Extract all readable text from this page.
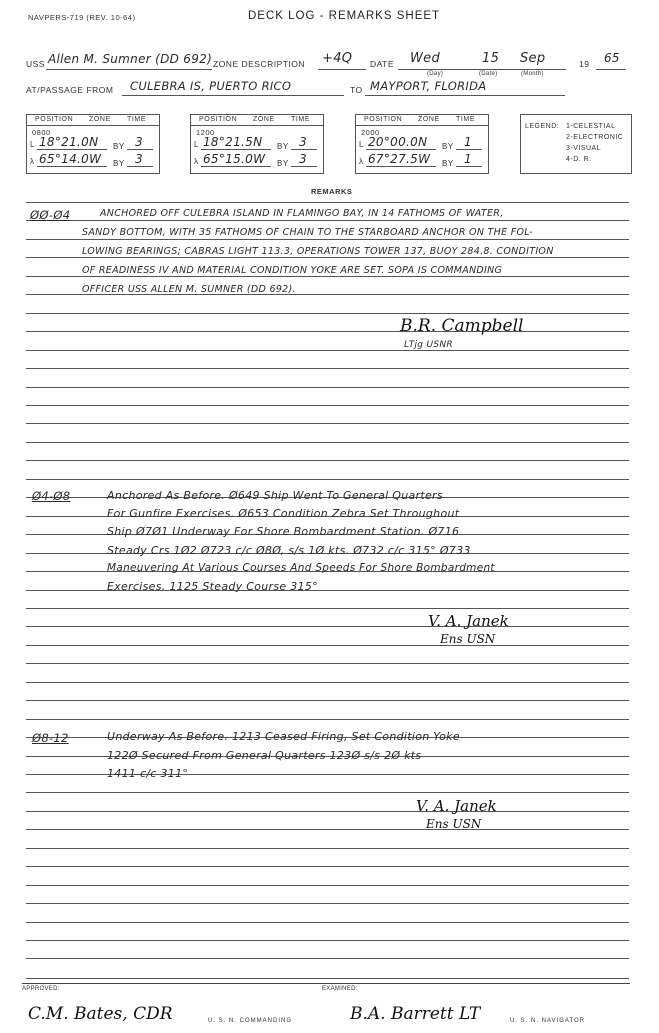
NAVPERS-719 (REV. 10-64)	DECK LOG - REMARKS SHEET
USS Allen M. Sumner (DD 692) ZONE DESCRIPTION +4Q DATE Wed	15 Sep
(Day)	(Date)	(Month)
19 65
AT/PASSAGE FROM CULEBRA IS, PUERTO RICO	TO MAYPORT, FLORIDA
POSITION ZONE TIME
0800
L 18°21.0N BY 3
λ 65°14.0W BY 3
POSITION ZONE TIME
1200
L 18°21.5N BY 3
λ 65°15.0W BY 3
POSITION ZONE TIME
2000
L 20°00.0N BY 1
λ 67°27.5W BY 1
LEGEND: 1-CELESTIAL
2-ELECTRONIC
3-VISUAL
4-D. R.
REMARKS
ØØ-Ø4	ANCHORED OFF CULEBRA ISLAND IN FLAMINGO BAY, IN 14 FATHOMS OF WATER,
SANDY BOTTOM, WITH 35 FATHOMS OF CHAIN TO THE STARBOARD ANCHOR ON THE FOL-
LOWING BEARINGS; CABRAS LIGHT 113.3, OPERATIONS TOWER 137, BUOY 284.8. CONDITION
OF READINESS IV AND MATERIAL CONDITION YOKE ARE SET. SOPA IS COMMANDING
OFFICER USS ALLEN M. SUMNER (DD 692).
B.R. Campbell
LTjg USNR
Ø4-Ø8	Anchored As Before. Ø649 Ship Went To General Quarters
For Gunfire Exercises. Ø653 Condition Zebra Set Throughout
Ship Ø7Ø1 Underway For Shore Bombardment Station. Ø716
Steady Crs 1Ø2 Ø723 c/c Ø8Ø, s/s 1Ø kts. Ø732 c/c 315° Ø733
Maneuvering At Various Courses And Speeds For Shore Bombardment
Exercises. 1125 Steady Course 315°
V. A. Janek
Ens USN
Ø8-12	Underway As Before. 1213 Ceased Firing, Set Condition Yoke
122Ø Secured From General Quarters 123Ø s/s 2Ø kts
1411 c/c 311°
V. A. Janek
Ens USN
APPROVED:
C.M. Bates, CDR	U. S. N. COMMANDING
EXAMINED:
B.A. Barrett LT	U. S. N. NAVIGATOR
